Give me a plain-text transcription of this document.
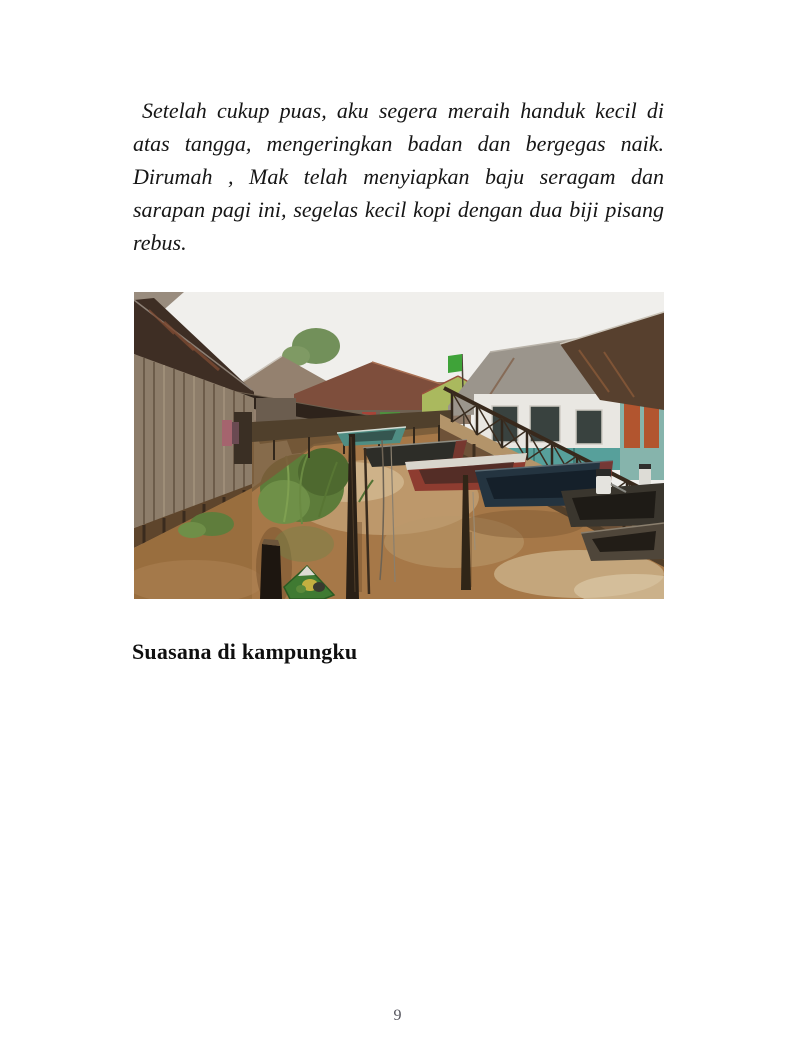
Setelah cukup puas, aku segera meraih handuk kecil di
atas tangga, mengeringkan badan dan bergegas naik.
Dirumah , Mak telah menyiapkan baju seragam dan
sarapan pagi ini, segelas kecil kopi dengan dua biji pisang
rebus.
Suasana di kampungku
9
